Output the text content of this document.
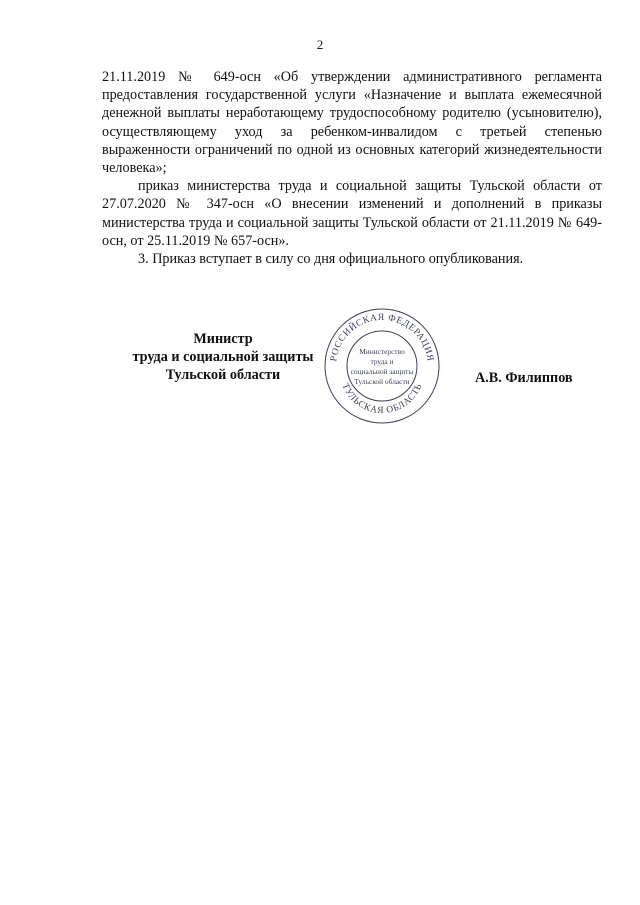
2

21.11.2019 № 649-осн «Об утверждении административного регламента предоставления государственной услуги «Назначение и выплата ежемесячной денежной выплаты неработающему трудоспособному родителю (усыновителю), осуществляющему уход за ребенком-инвалидом с третьей степенью выраженности ограничений по одной из основных категорий жизнедеятельности человека»;

приказ министерства труда и социальной защиты Тульской области от 27.07.2020 № 347-осн «О внесении изменений и дополнений в приказы министерства труда и социальной защиты Тульской области от 21.11.2019 № 649-осн, от 25.11.2019 № 657-осн».

3. Приказ вступает в силу со дня официального опубликования.

Министр
труда и социальной защиты
Тульской области
РОССИЙСКАЯ ФЕДЕРАЦИЯ
ТУЛЬСКАЯ ОБЛАСТЬ
Министерство
труда и
социальной защиты
Тульской области	А.В. Филиппов
